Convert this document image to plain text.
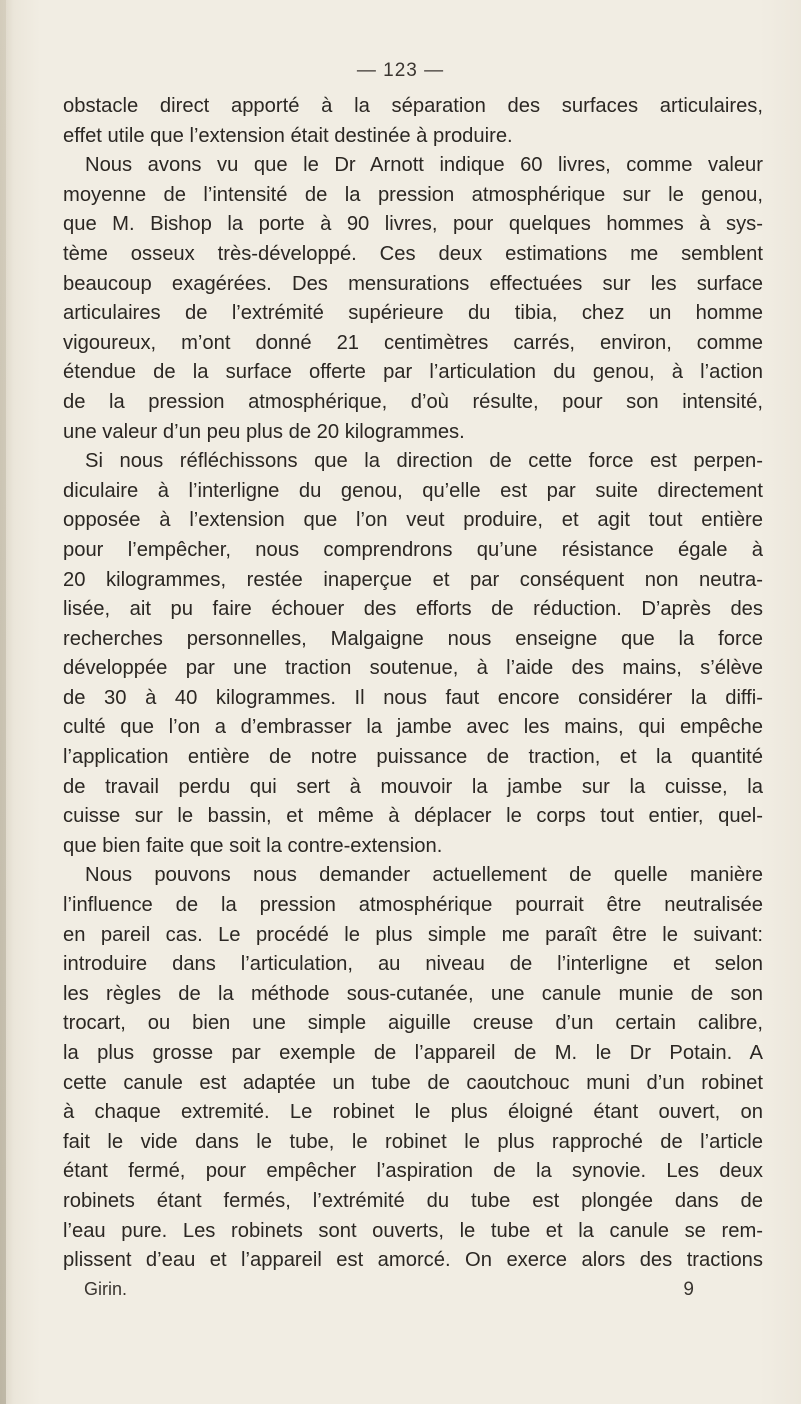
— 123 —
obstacle direct apporté à la séparation des surfaces articulaires,
effet utile que l’extension était destinée à produire.
Nous avons vu que le Dr Arnott indique 60 livres, comme valeur
moyenne de l’intensité de la pression atmosphérique sur le genou,
que M. Bishop la porte à 90 livres, pour quelques hommes à sys-
tème osseux très-développé. Ces deux estimations me semblent
beaucoup exagérées. Des mensurations effectuées sur les surface
articulaires de l’extrémité supérieure du tibia, chez un homme
vigoureux, m’ont donné 21 centimètres carrés, environ, comme
étendue de la surface offerte par l’articulation du genou, à l’action
de la pression atmosphérique, d’où résulte, pour son intensité,
une valeur d’un peu plus de 20 kilogrammes.
Si nous réfléchissons que la direction de cette force est perpen-
diculaire à l’interligne du genou, qu’elle est par suite directement
opposée à l’extension que l’on veut produire, et agit tout entière
pour l’empêcher, nous comprendrons qu’une résistance égale à
20 kilogrammes, restée inaperçue et par conséquent non neutra-
lisée, ait pu faire échouer des efforts de réduction. D’après des
recherches personnelles, Malgaigne nous enseigne que la force
développée par une traction soutenue, à l’aide des mains, s’élève
de 30 à 40 kilogrammes. Il nous faut encore considérer la diffi-
culté que l’on a d’embrasser la jambe avec les mains, qui empêche
l’application entière de notre puissance de traction, et la quantité
de travail perdu qui sert à mouvoir la jambe sur la cuisse, la
cuisse sur le bassin, et même à déplacer le corps tout entier, quel-
que bien faite que soit la contre-extension.
Nous pouvons nous demander actuellement de quelle manière
l’influence de la pression atmosphérique pourrait être neutralisée
en pareil cas. Le procédé le plus simple me paraît être le suivant:
introduire dans l’articulation, au niveau de l’interligne et selon
les règles de la méthode sous-cutanée, une canule munie de son
trocart, ou bien une simple aiguille creuse d’un certain calibre,
la plus grosse par exemple de l’appareil de M. le Dr Potain. A
cette canule est adaptée un tube de caoutchouc muni d’un robinet
à chaque extremité. Le robinet le plus éloigné étant ouvert, on
fait le vide dans le tube, le robinet le plus rapproché de l’article
étant fermé, pour empêcher l’aspiration de la synovie. Les deux
robinets étant fermés, l’extrémité du tube est plongée dans de
l’eau pure. Les robinets sont ouverts, le tube et la canule se rem-
plissent d’eau et l’appareil est amorcé. On exerce alors des tractions
Girin.	9
